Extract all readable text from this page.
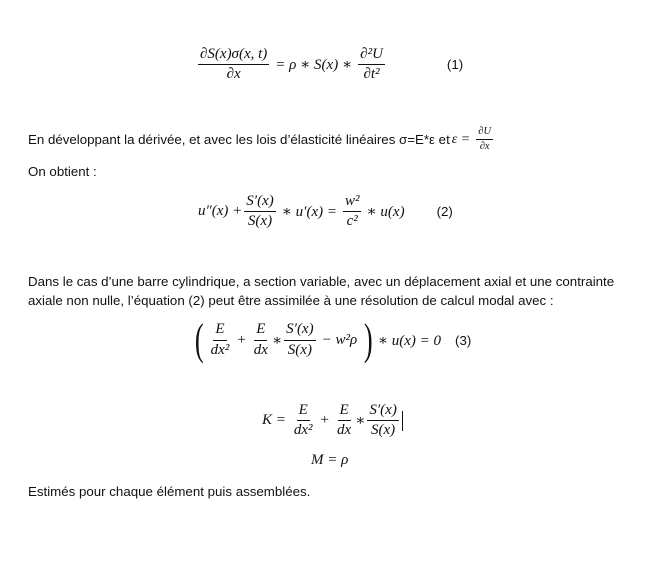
$\frac{\partial S(x)\sigma(x, t)}{\partial x} = \rho$ ∗ S(x) ∗ $\frac{\text{∂²U}}{\text{∂t²}}$	(1)
En développant la dérivée, et avec les lois d’élasticité linéaires σ=E*ε et $\varepsilon = \frac{\partial U}{\partial x}$
On obtient :
$u''(x) + \frac{S'(x)}{S(x)}$ ∗ $u'(x) = \frac{\text{w²}}{\text{c²}}$ ∗ u(x) (2)
Dans le cas d’une barre cylindrique, a section variable, avec un déplacement axial et une contrainte axiale non nulle, l’équation (2) peut être assimilée à une résolution de calcul modal avec :
( $\frac{E}{\text{dx²}} + \frac{E}{dx}$ ∗ $\frac{S'(x)}{S(x)} - w^2\rho$ ) ∗ u(x) = 0 (3)
$K = \frac{E}{\text{dx²}} + \frac{E}{dx}$ ∗ $\frac{S'(x)}{S(x)}$
M = ρ
Estimés pour chaque élément puis assemblées.
